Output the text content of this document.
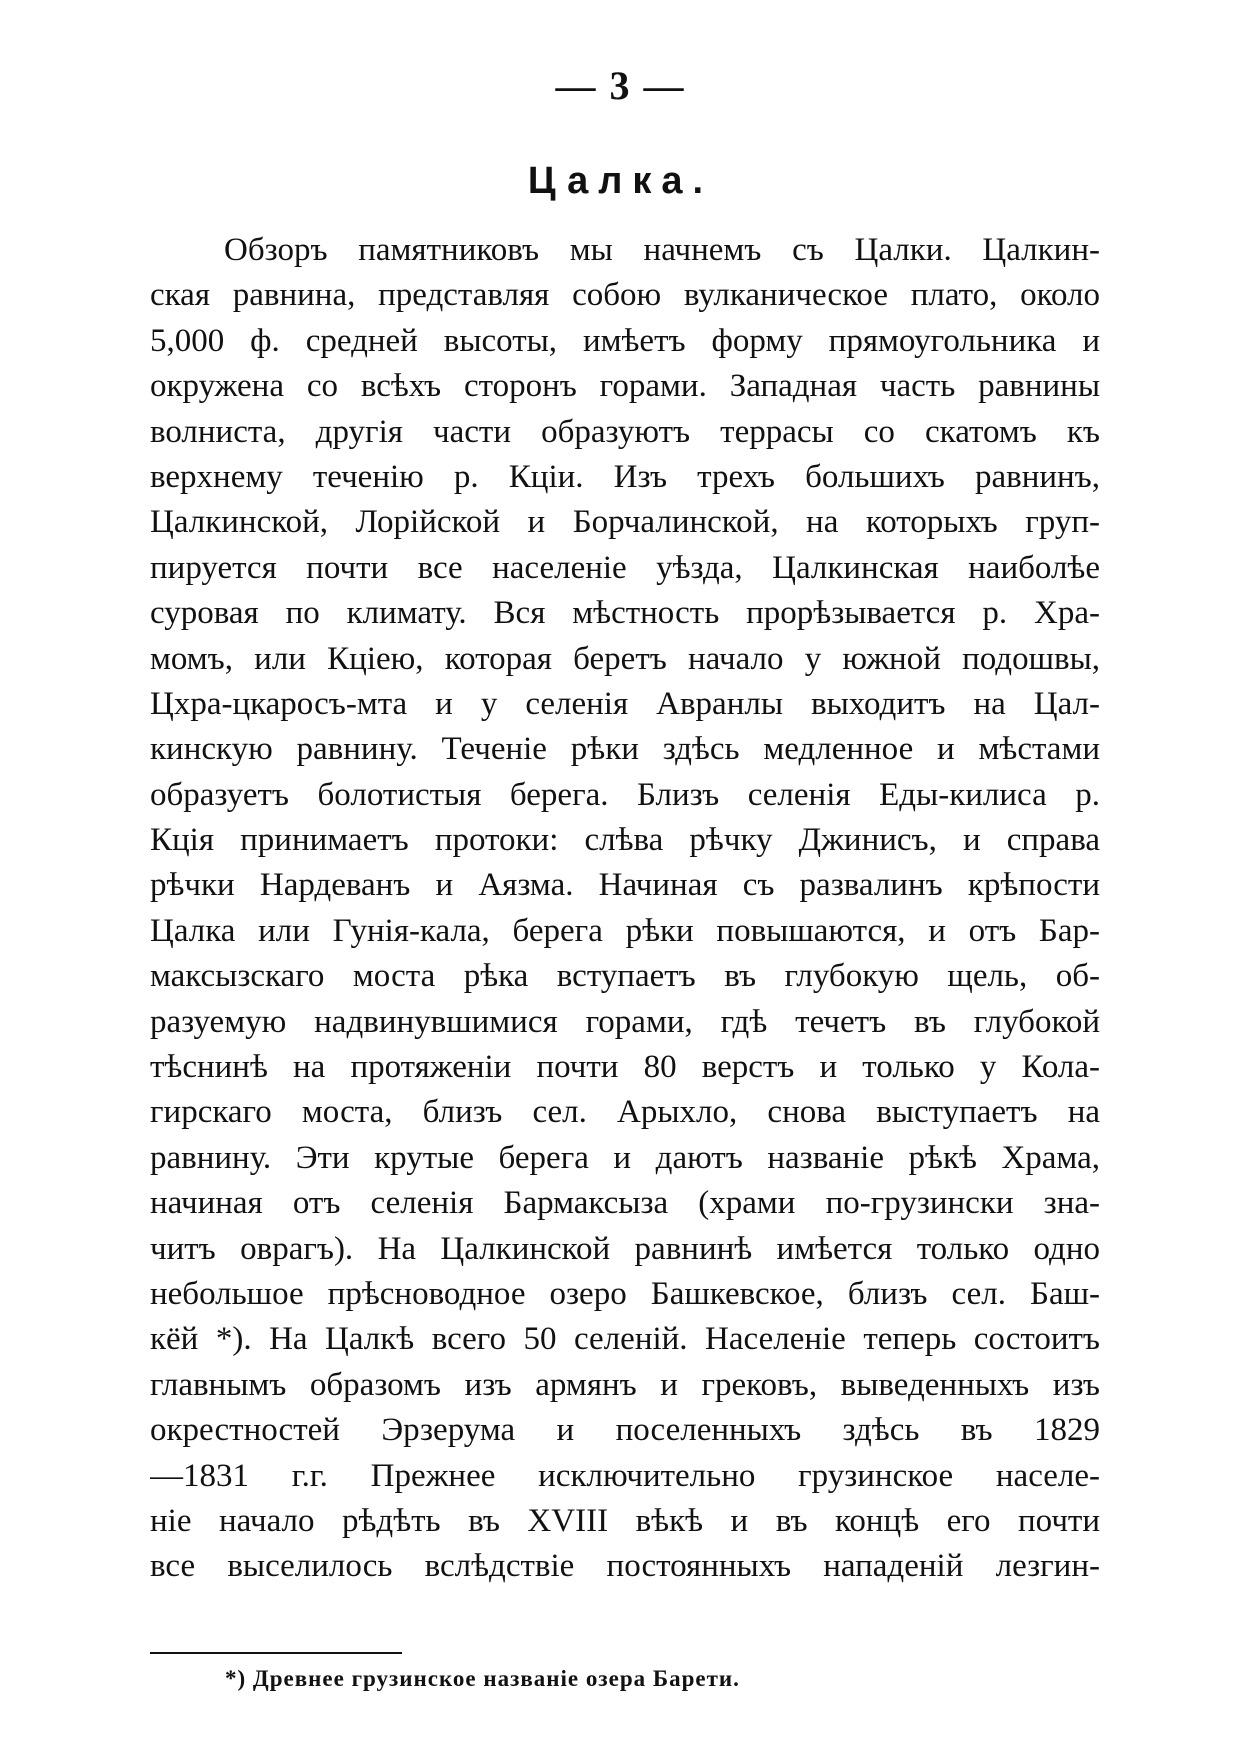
— 3 —
Цалка.
Обзоръ памятниковъ мы начнемъ съ Цалки. Цалкин-
ская равнина, представляя собою вулканическое плато, около
5,000 ф. средней высоты, имѣетъ форму прямоугольника и
окружена со всѣхъ сторонъ горами. Западная часть равнины
волниста, другія части образуютъ террасы со скатомъ къ
верхнему теченію р. Кціи. Изъ трехъ большихъ равнинъ,
Цалкинской, Лорійской и Борчалинской, на которыхъ груп-
пируется почти все населеніе уѣзда, Цалкинская наиболѣе
суровая по климату. Вся мѣстность прорѣзывается р. Хра-
момъ, или Кціею, которая беретъ начало у южной подошвы,
Цхра-цкаросъ-мта и у селенія Авранлы выходитъ на Цал-
кинскую равнину. Теченіе рѣки здѣсь медленное и мѣстами
образуетъ болотистыя берега. Близъ селенія Еды-килиса р.
Кція принимаетъ протоки: слѣва рѣчку Джинисъ, и справа
рѣчки Нардеванъ и Аязма. Начиная съ развалинъ крѣпости
Цалка или Гунія-кала, берега рѣки повышаются, и отъ Бар-
максызскаго моста рѣка вступаетъ въ глубокую щель, об-
разуемую надвинувшимися горами, гдѣ течетъ въ глубокой
тѣснинѣ на протяженіи почти 80 верстъ и только у Кола-
гирскаго моста, близъ сел. Арыхло, снова выступаетъ на
равнину. Эти крутые берега и даютъ названіе рѣкѣ Храма,
начиная отъ селенія Бармаксыза (храми по-грузински зна-
читъ оврагъ). На Цалкинской равнинѣ имѣется только одно
небольшое прѣсноводное озеро Башкевское, близъ сел. Баш-
кёй *). На Цалкѣ всего 50 селеній. Населеніе теперь состоитъ
главнымъ образомъ изъ армянъ и грековъ, выведенныхъ изъ
окрестностей Эрзерума и поселенныхъ здѣсь въ 1829
—1831 г.г. Прежнее исключительно грузинское населе-
ніе начало рѣдѣть въ XVIII вѣкѣ и въ концѣ его почти
все выселилось вслѣдствіе постоянныхъ нападеній лезгин-
*) Древнее грузинское названіе озера Барети.
